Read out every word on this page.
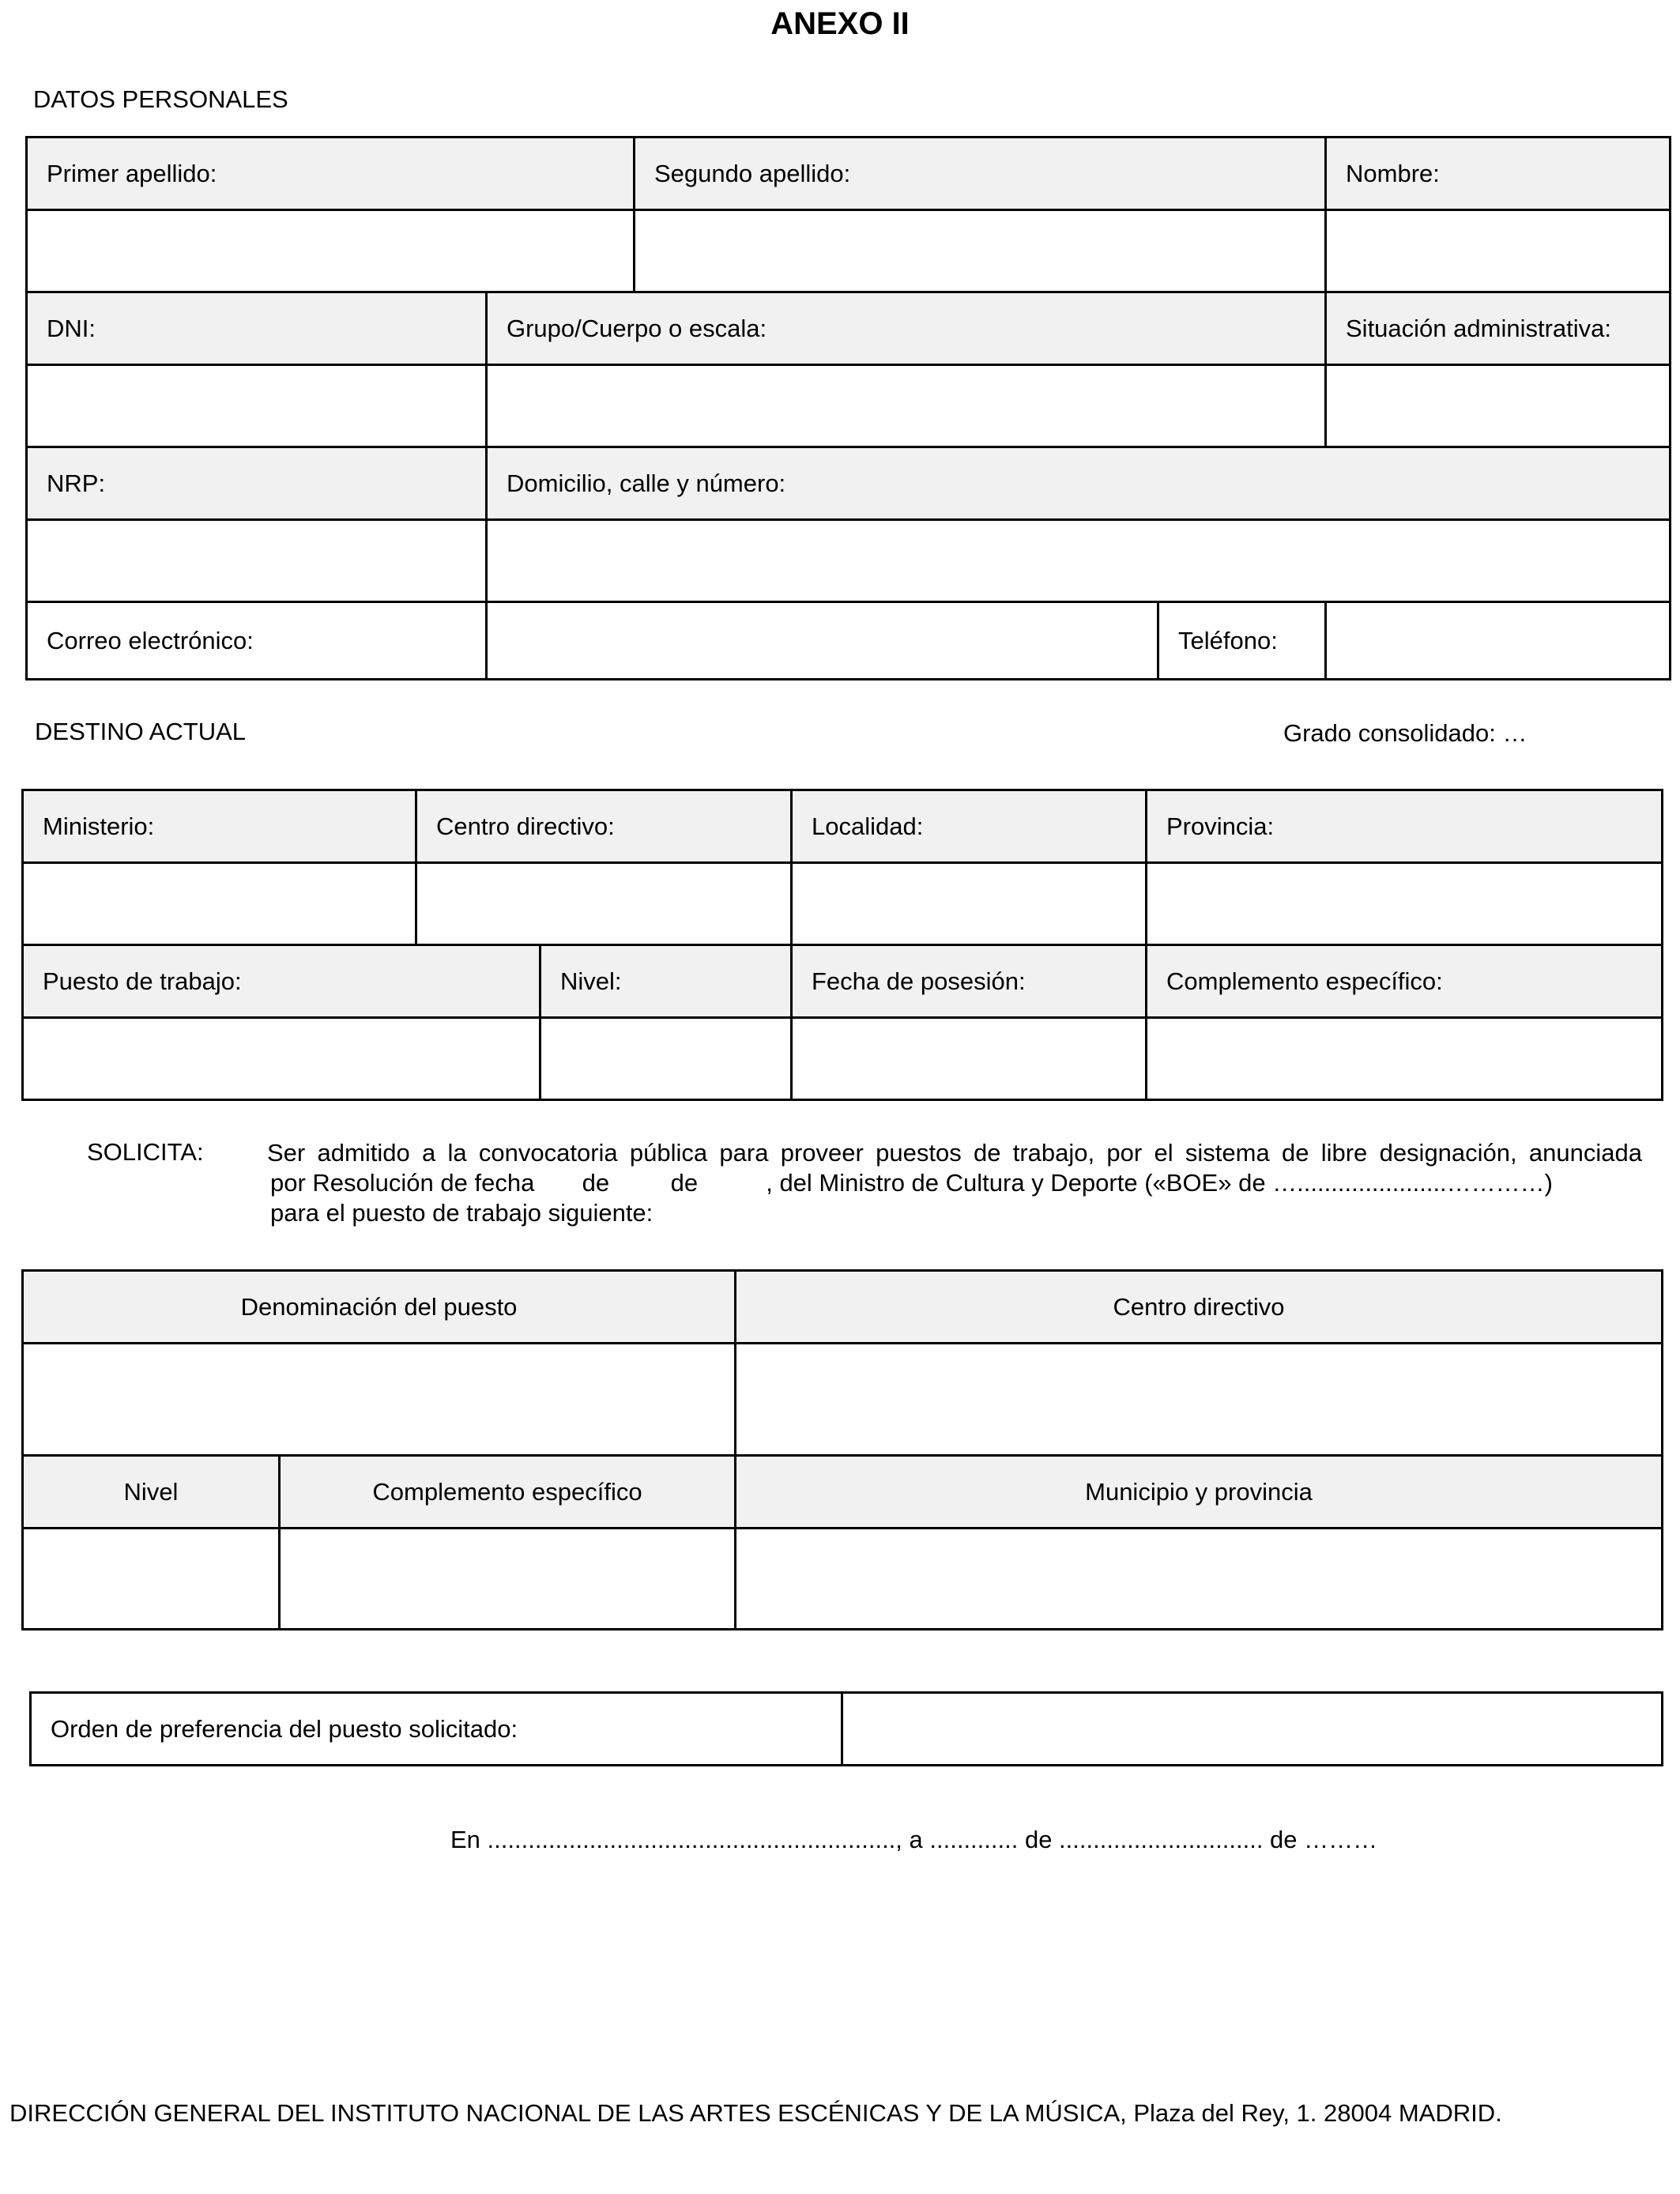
ANEXO II
DATOS PERSONALES
Primer apellido:		Segundo apellido:		Nombre:

DNI:	Grupo/Cuerpo o escala:			Situación administrativa:

NRP:	Domicilio, calle y número:			

Correo electrónico:			Teléfono:	
DESTINO ACTUAL	Grado consolidado: …
Ministerio:	Centro directivo:		Localidad:	Provincia:

Puesto de trabajo:		Nivel:	Fecha de posesión:	Complemento específico:

SOLICITA:	Ser admitido a la convocatoria pública para proveer puestos de trabajo, por el sistema de libre designación, anunciada
por Resolución de fecha       de         de          , del Ministro de Cultura y Deporte («BOE» de …......................…………)
para el puesto de trabajo siguiente:
Denominación del puesto		Centro directivo

Nivel	Complemento específico	Municipio y provincia

Orden de preferencia del puesto solicitado:	
En ............................................................, a ............. de .............................. de ………
DIRECCIÓN GENERAL DEL INSTITUTO NACIONAL DE LAS ARTES ESCÉNICAS Y DE LA MÚSICA, Plaza del Rey, 1. 28004 MADRID.
